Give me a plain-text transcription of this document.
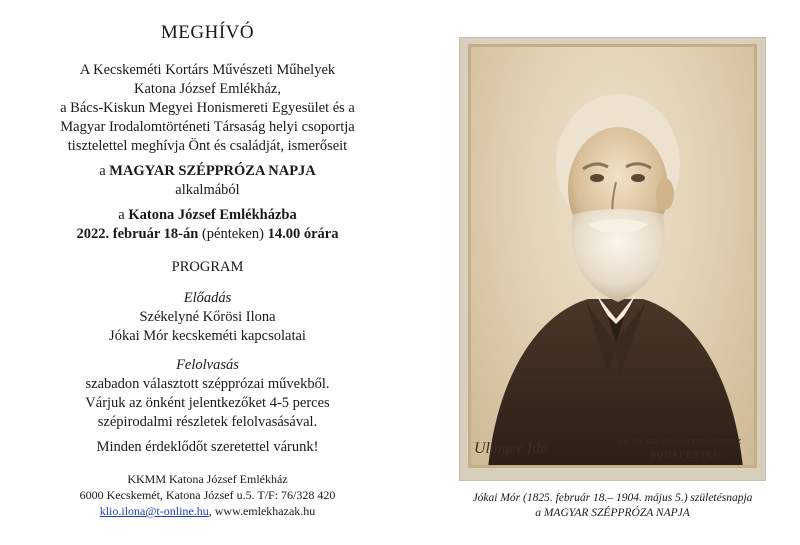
MEGHÍVÓ
A Kecskeméti Kortárs Művészeti Műhelyek
Katona József Emlékház,
a Bács-Kiskun Megyei Honismereti Egyesület és a
Magyar Irodalomtörténeti Társaság helyi csoportja
tisztelettel meghívja Önt és családját, ismerőseit
a MAGYAR SZÉPPRÓZA NAPJA
alkalmából
a Katona József Emlékházba
2022. február 18-án (pénteken) 14.00 órára
PROGRAM
Előadás
Székelyné Kőrösi Ilona
Jókai Mór kecskeméti kapcsolatai
Felolvasás
szabadon választott szépprózai művekből.
Várjuk az önként jelentkezőket 4-5 perces
szépirodalmi részletek felolvasásával.
Minden érdeklődőt szeretettel várunk!
KKMM Katona József Emlékház
6000 Kecskemét, Katona József u.5. T/F: 76/328 420
klio.ilona@t-online.hu, www.emlekhazak.hu
Ulmger Ide	CS. ÉS KIR. UDVARI FÉNYKÉPÉSZ
BUDAPESTEN.
Jókai Mór (1825. február 18.– 1904. május 5.) születésnapja
a MAGYAR SZÉPPRÓZA NAPJA
